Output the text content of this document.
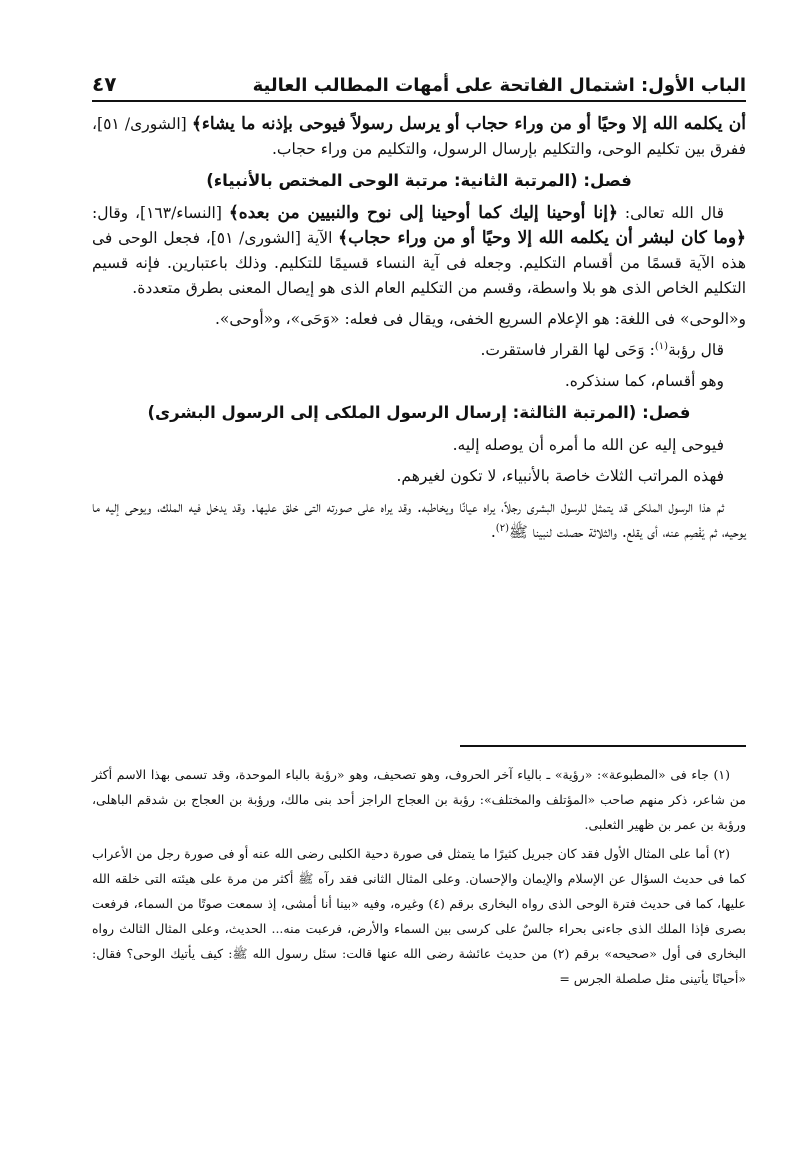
الباب الأول: اشتمال الفاتحة على أمهات المطالب العالية
٤٧

أن يكلمه الله إلا وحيًا أو من وراء حجاب أو يرسل رسولاً فيوحى بإذنه ما يشاء﴾ [الشورى/ ٥١]، ففرق بين تكليم الوحى، والتكليم بإرسال الرسول، والتكليم من وراء حجاب.

فصل: (المرتبة الثانية: مرتبة الوحى المختص بالأنبياء)

قال الله تعالى: ﴿إنا أوحينا إليك كما أوحينا إلى نوح والنبيين من بعده﴾ [النساء/١٦٣]، وقال: ﴿وما كان لبشر أن يكلمه الله إلا وحيًا أو من وراء حجاب﴾ الآية [الشورى/ ٥١]، فجعل الوحى فى هذه الآية قسمًا من أقسام التكليم. وجعله فى آية النساء قسيمًا للتكليم. وذلك باعتبارين. فإنه قسيم التكليم الخاص الذى هو بلا واسطة، وقسم من التكليم العام الذى هو إيصال المعنى بطرق متعددة.

و«الوحى» فى اللغة: هو الإعلام السريع الخفى، ويقال فى فعله: «وَحَى»، و«أوحى».

قال رؤبة$^{(١)}$: وَحَى لها القرار فاستقرت.

وهو أقسام، كما سنذكره.

فصل: (المرتبة الثالثة: إرسال الرسول الملكى إلى الرسول البشرى)

فيوحى إليه عن الله ما أمره أن يوصله إليه.

فهذه المراتب الثلاث خاصة بالأنبياء، لا تكون لغيرهم.

ثم هذا الرسول الملكى قد يتمثل للرسول البشرى رجلاً، يراه عيانًا ويخاطبه. وقد يراه على صورته التى خلق عليها. وقد يدخل فيه الملك، ويوحى إليه ما يوحيه، ثم يَفْصِم عنه، أى يقلع. والثلاثة حصلت لنبينا ﷺ$^{(٢)}$.

(١) جاء فى «المطبوعة»: «رؤية» ـ بالياء آخر الحروف، وهو تصحيف، وهو «رؤبة بالباء الموحدة، وقد تسمى بهذا الاسم أكثر من شاعر، ذكر منهم صاحب «المؤتلف والمختلف»: رؤبة بن العجاج الراجز أحد بنى مالك، ورؤبة بن العجاج بن شدقم الباهلى، ورؤبة بن عمر بن ظهير الثعلبى.

(٢) أما على المثال الأول فقد كان جبريل كثيرًا ما يتمثل فى صورة دحية الكلبى رضى الله عنه أو فى صورة رجل من الأعراب كما فى حديث السؤال عن الإسلام والإيمان والإحسان. وعلى المثال الثانى فقد رآه ﷺ أكثر من مرة على هيئته التى خلقه الله عليها، كما فى حديث فترة الوحى الذى رواه البخارى برقم (٤) وغيره، وفيه «بينا أنا أمشى، إذ سمعت صوتًا من السماء، فرفعت بصرى فإذا الملك الذى جاءنى بحراء جالسٌ على كرسى بين السماء والأرض، فرعبت منه... الحديث، وعلى المثال الثالث رواه البخارى فى أول «صحيحه» برقم (٢) من حديث عائشة رضى الله عنها قالت: سئل رسول الله ﷺ: كيف يأتيك الوحى؟ فقال: «أحيانًا يأتينى مثل صلصلة الجرس =
